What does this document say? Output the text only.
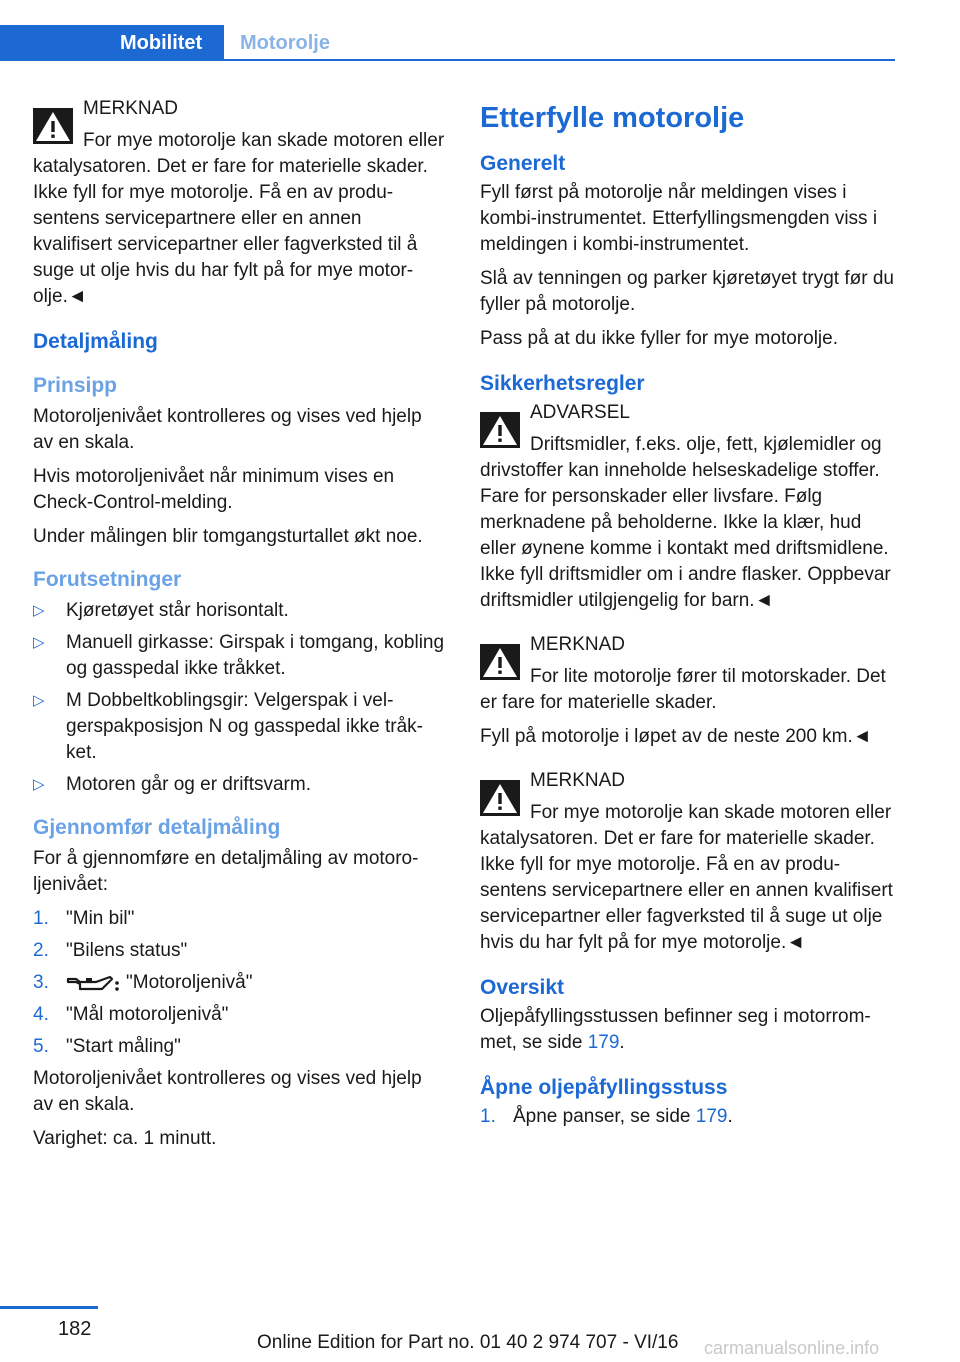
Mobilitet	Motorolje

MERKNAD

For mye motorolje kan skade motoren eller katalysatoren. Det er fare for materielle skader. Ikke fyll for mye motorolje. Få en av produsentens servicepartnere eller en annen kvalifisert servicepartner eller fagverksted til å suge ut olje hvis du har fylt på for mye motorolje.◄

Detaljmåling
Prinsipp

Motoroljenivået kontrolleres og vises ved hjelp av en skala.

Hvis motoroljenivået når minimum vises en Check-Control-melding.

Under målingen blir tomgangsturtallet økt noe.

Forutsetninger
▷ Kjøretøyet står horisontalt.
▷ Manuell girkasse: Girspak i tomgang, kobling og gasspedal ikke tråkket.
▷ M Dobbeltkoblingsgir: Velgerspak i velgerspakposisjon N og gasspedal ikke tråkket.
▷ Motoren går og er driftsvarm.
Gjennomfør detaljmåling

For å gjennomføre en detaljmåling av motoroljenivået:

1. "Min bil"
2. "Bilens status"
3.	"Motoroljenivå"
4. "Mål motoroljenivå"
5. "Start måling"

Motoroljenivået kontrolleres og vises ved hjelp av en skala.

Varighet: ca. 1 minutt.

Etterfylle motorolje
Generelt

Fyll først på motorolje når meldingen vises i kombi-instrumentet. Etterfyllingsmengden viss i meldingen i kombi-instrumentet.

Slå av tenningen og parker kjøretøyet trygt før du fyller på motorolje.

Pass på at du ikke fyller for mye motorolje.

Sikkerhetsregler

ADVARSEL

Driftsmidler, f.eks. olje, fett, kjølemidler og drivstoffer kan inneholde helseskadelige stoffer. Fare for personskader eller livsfare. Følg merknadene på beholderne. Ikke la klær, hud eller øynene komme i kontakt med driftsmidlene. Ikke fyll driftsmidler om i andre flasker. Oppbevar driftsmidler utilgjengelig for barn.◄

MERKNAD

For lite motorolje fører til motorskader. Det er fare for materielle skader.

Fyll på motorolje i løpet av de neste 200 km.◄

MERKNAD

For mye motorolje kan skade motoren eller katalysatoren. Det er fare for materielle skader. Ikke fyll for mye motorolje. Få en av produsentens servicepartnere eller en annen kvalifisert servicepartner eller fagverksted til å suge ut olje hvis du har fylt på for mye motorolje.◄

Oversikt

Oljepåfyllingsstussen befinner seg i motorrommet, se side 179.

Åpne oljepåfyllingsstuss
1. Åpne panser, se side 179.
182
Online Edition for Part no. 01 40 2 974 707 - VI/16 carmanualsonline.info
